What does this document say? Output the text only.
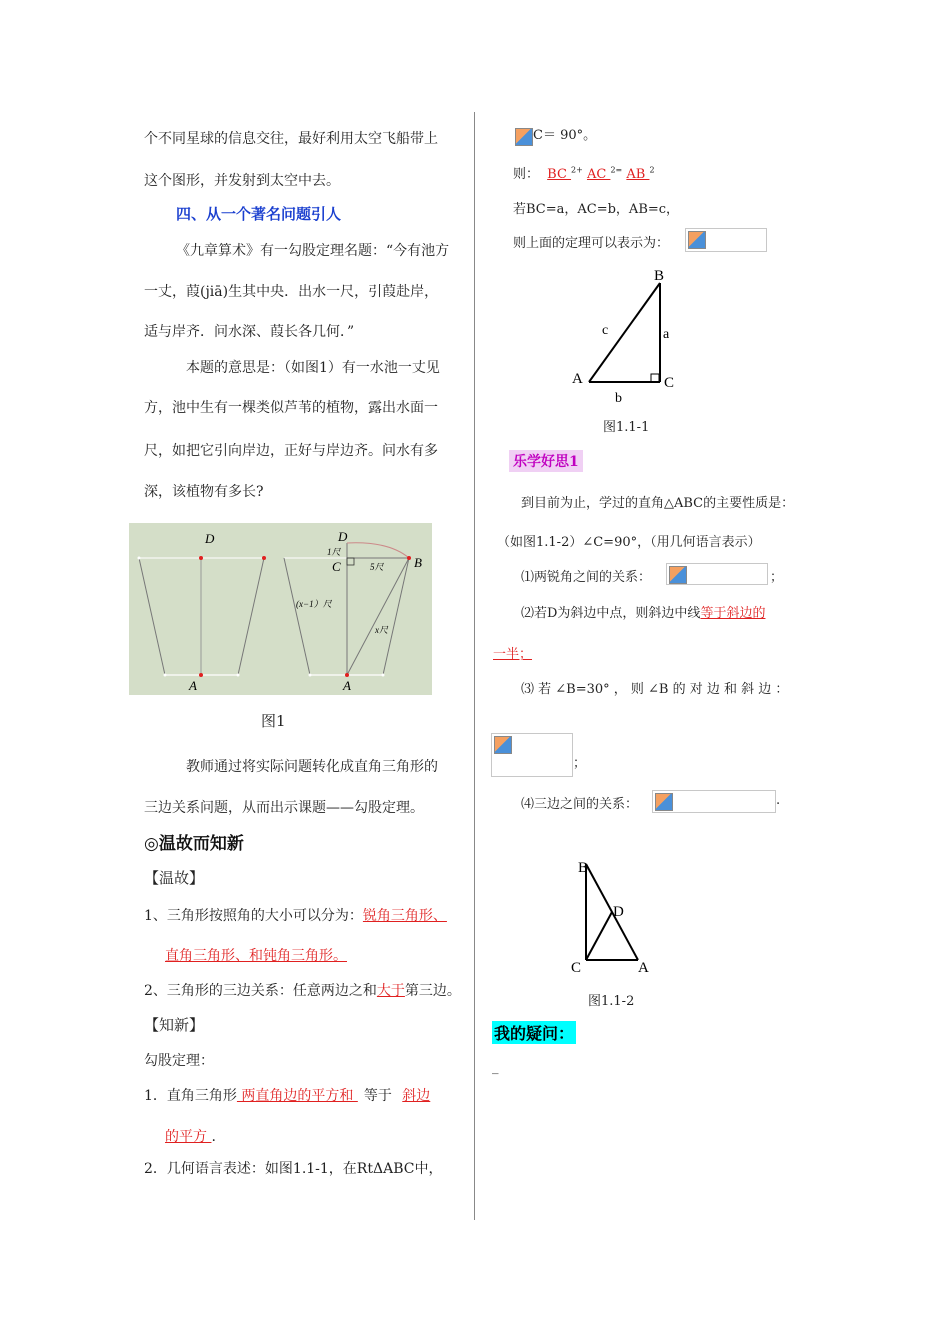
个不同星球的信息交往，最好利用太空飞船带上
这个图形，并发射到太空中去。
四、从一个著名问题引人
《九章算术》有一勾股定理名题：“今有池方
一丈，葭(jiā)生其中央．出水一尺，引葭赴岸，
适与岸齐．问水深、葭长各几何．”
本题的意思是：（如图1）有一水池一丈见
方，池中生有一棵类似芦苇的植物，露出水面一
尺，如把它引向岸边，正好与岸边齐。问水有多
深，该植物有多长?
D
A
D
B
C
A
1尺
5尺
(x−1）尺
x尺
图1
教师通过将实际问题转化成直角三角形的
三边关系问题，从而出示课题——勾股定理。
◎温故而知新
【温故】
1、三角形按照角的大小可以分为：锐角三角形、
直角三角形、和钝角三角形。
2、三角形的三边关系：任意两边之和大于第三边。
【知新】
勾股定理：
1．直角三角形 两直角边的平方和 等于 斜边
的平方 .
2．几何语言表述：如图1.1-1，在RtΔABC中，
C＝ 90°。
则： BC $^{2+}$ AC $^{2=}$ AB $^2$
若BC=a，AC=b，AB=c，
则上面的定理可以表示为：
B
A	C
a
b
c
图1.1-1
乐学好思1
到目前为止，学过的直角△ABC的主要性质是：
（如图1.1-2）∠C=90°，（用几何语言表示）
⑴两锐角之间的关系：	；
⑵若D为斜边中点，则斜边中线等于斜边的
一半；
⑶ 若 ∠B=30° ， 则 ∠B 的 对 边 和 斜 边 ：
；
⑷三边之间的关系：	.
B
D
C	A
图1.1-2
我的疑问：
_
